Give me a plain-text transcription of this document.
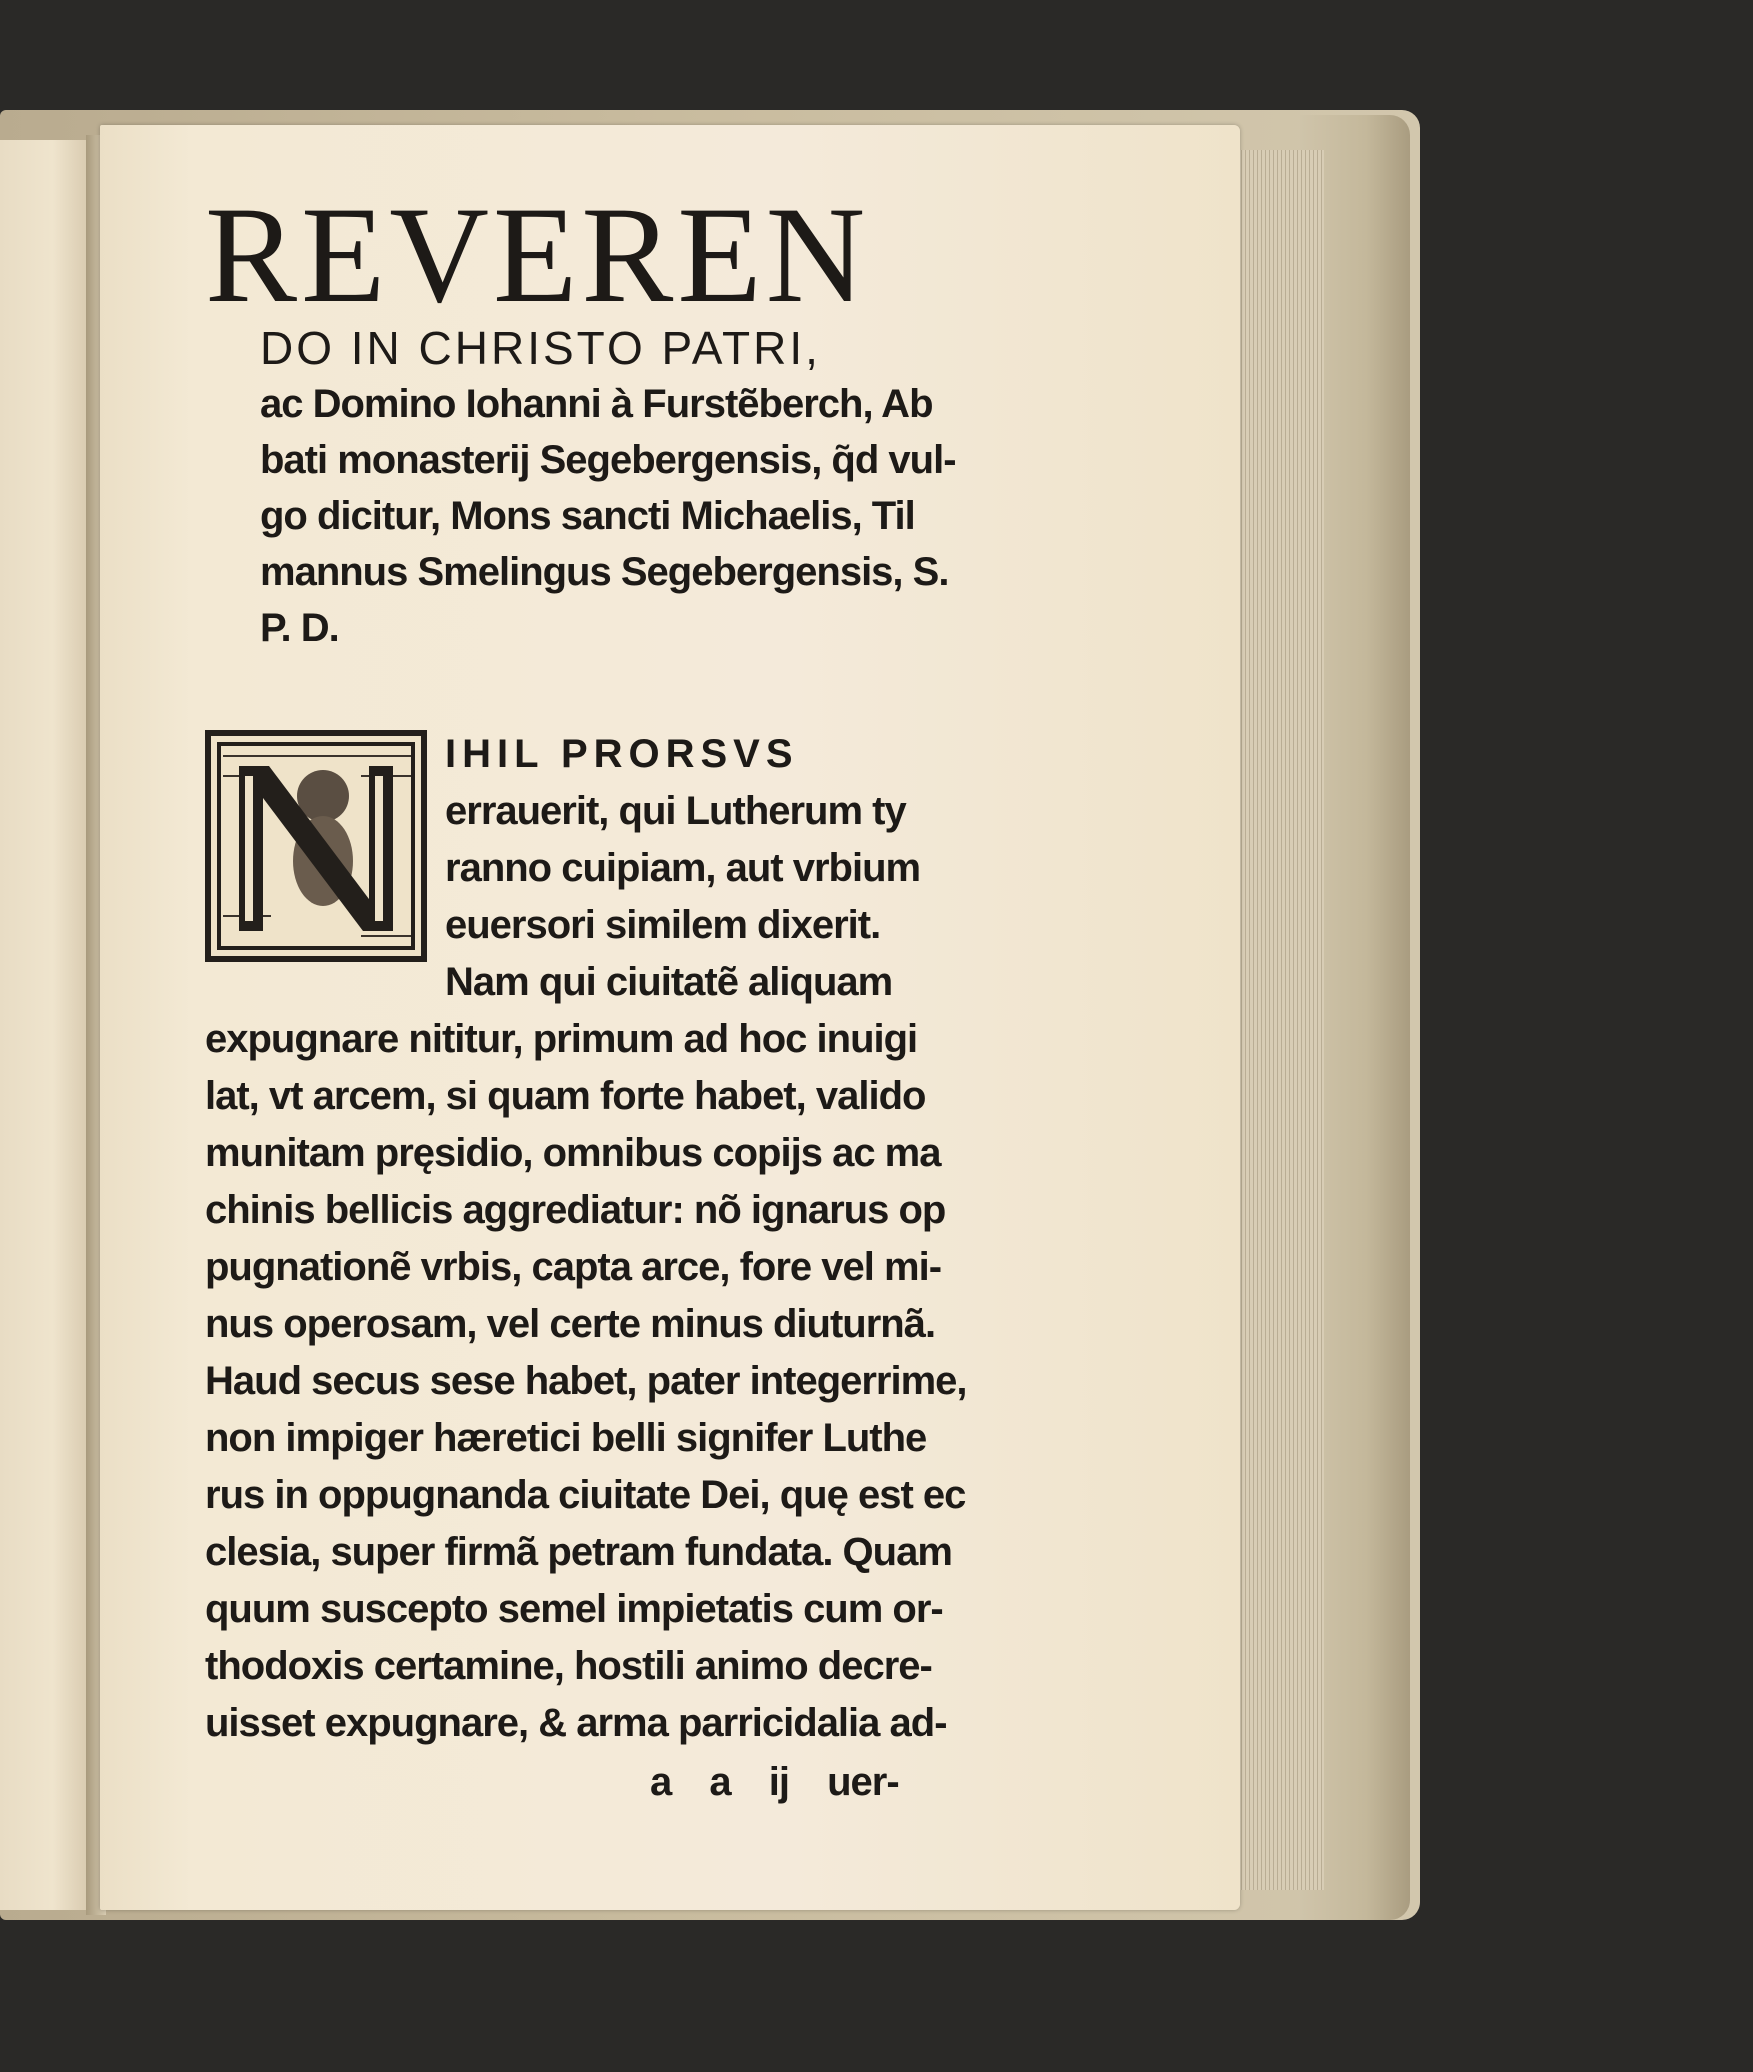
REVEREN
DO IN CHRISTO PATRI,
ac Domino Iohanni à Furstẽberch, Ab
bati monasterij Segebergensis, q̃d vul-
go dicitur, Mons sancti Michaelis, Til
mannus Smelingus Segebergensis, S.
P. D.
IHIL PRORSVS
errauerit, qui Lutherum ty
ranno cuipiam, aut vrbium
euersori similem dixerit.
Nam qui ciuitatẽ aliquam
expugnare nititur, primum ad hoc inuigi
lat, vt arcem, si quam forte habet, valido
munitam pręsidio, omnibus copijs ac ma
chinis bellicis aggrediatur: nõ ignarus op
pugnationẽ vrbis, capta arce, fore vel mi-
nus operosam, vel certe minus diuturnã.
Haud secus sese habet, pater integerrime,
non impiger hæretici belli signifer Luthe
rus in oppugnanda ciuitate Dei, quę est ec
clesia, super firmã petram fundata. Quam
quum suscepto semel impietatis cum or-
thodoxis certamine, hostili animo decre-
uisset expugnare, & arma parricidalia ad-
a a ij uer-
